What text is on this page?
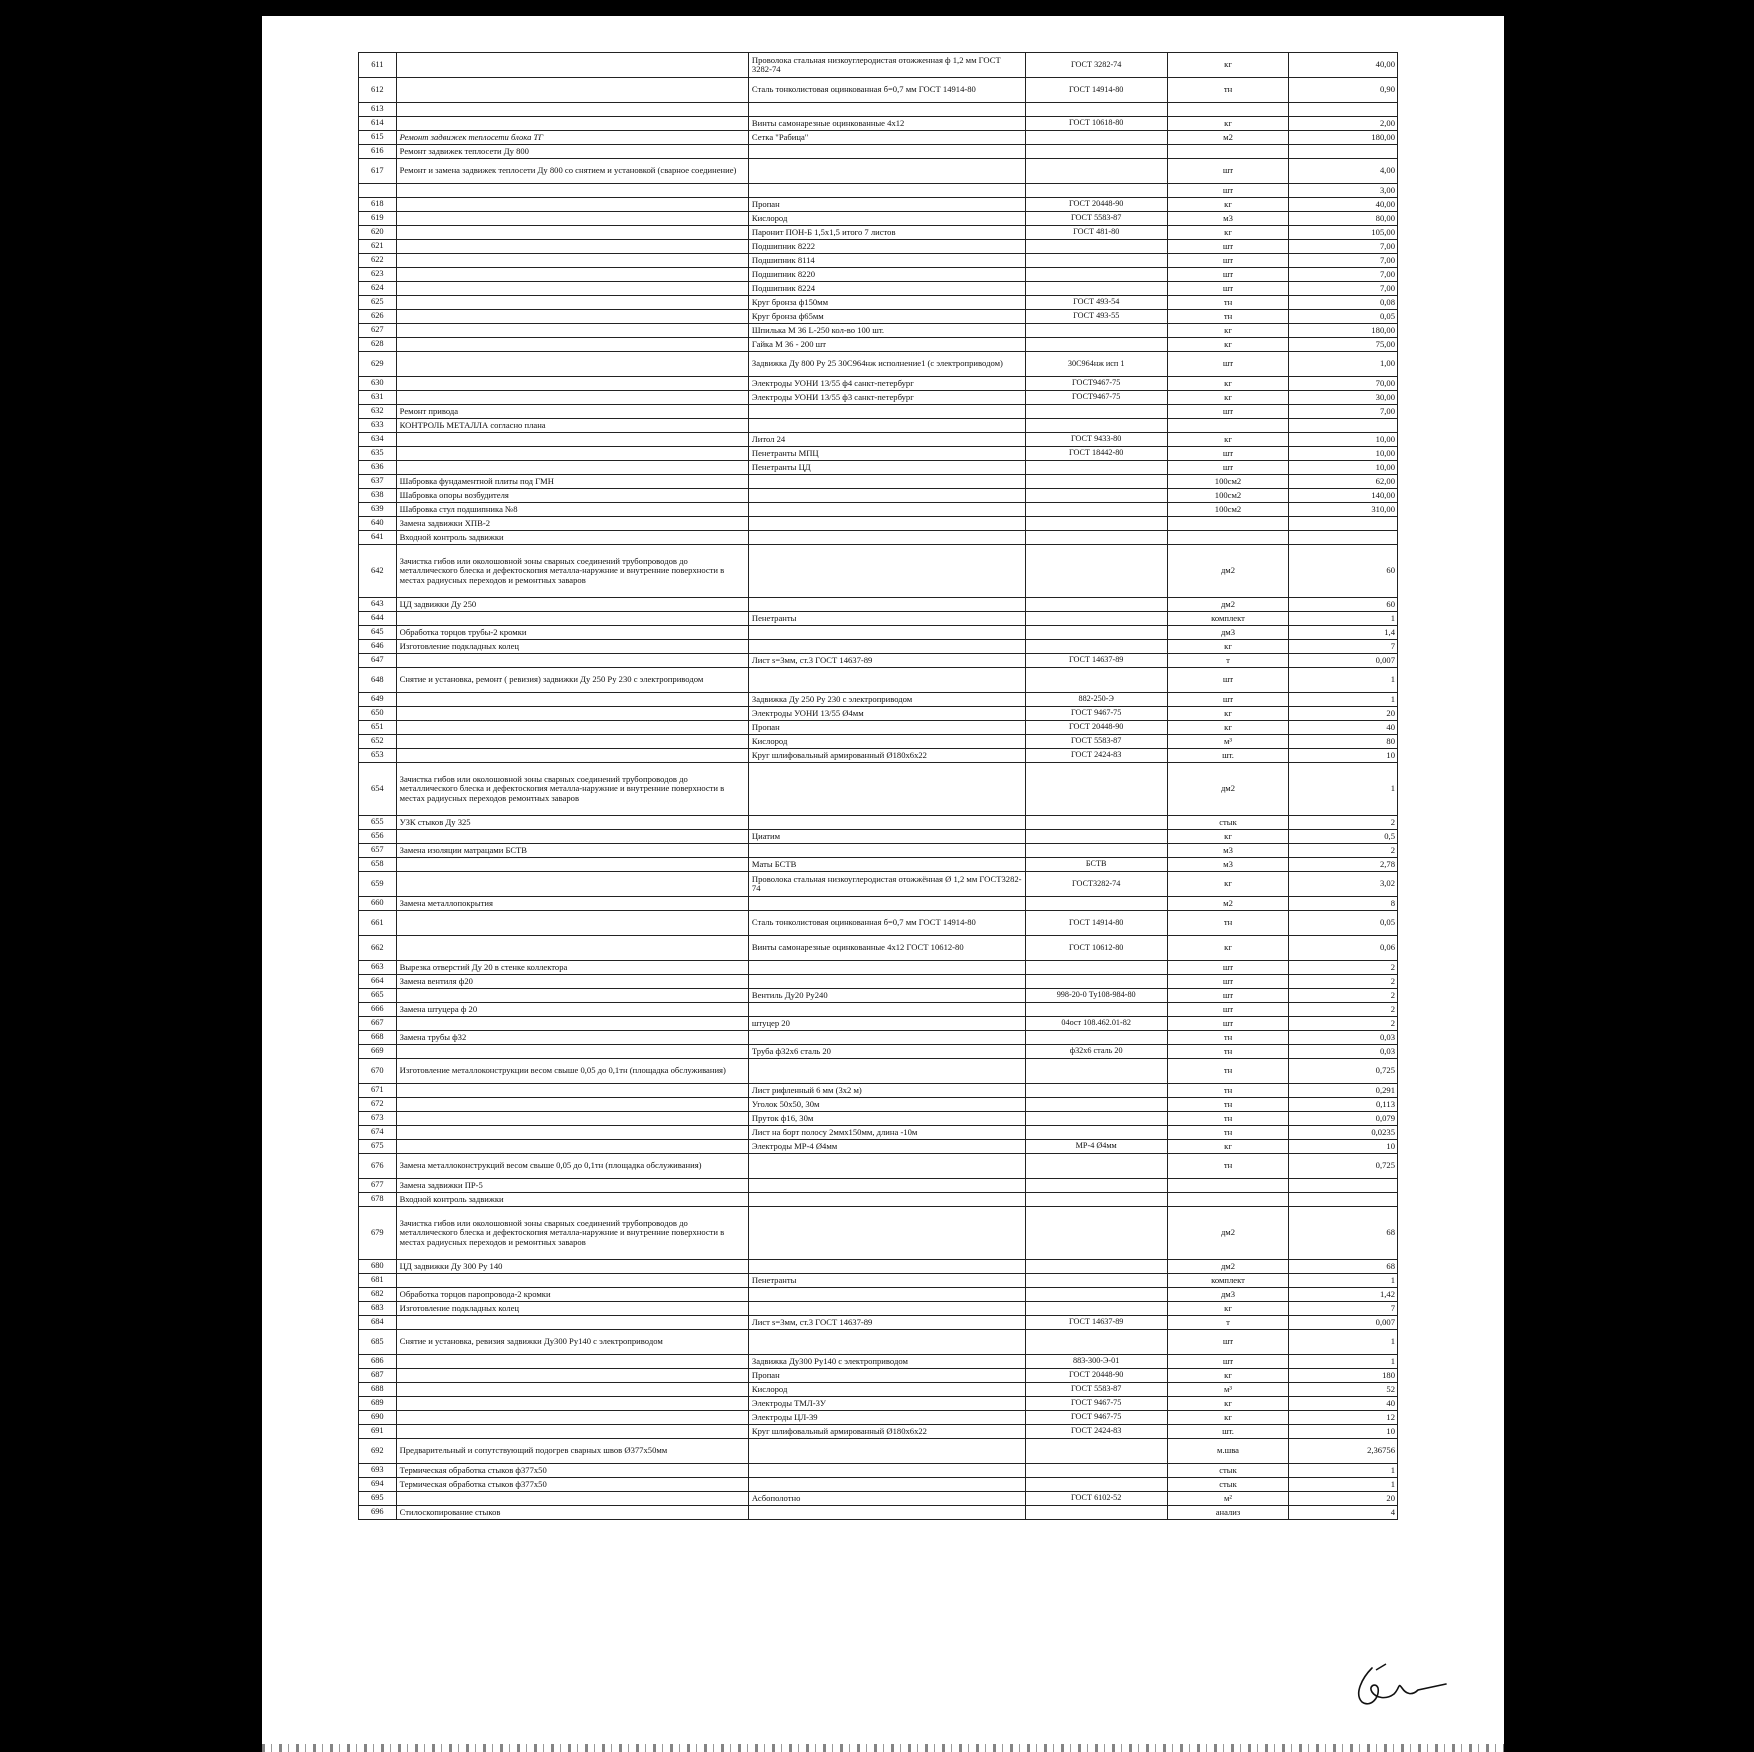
611		Проволока стальная низкоуглеродистая отожженная ф 1,2 мм ГОСТ 3282-74	ГОСТ 3282-74	кг	40,00
612		Сталь тонколистовая оцинкованная б=0,7 мм ГОСТ 14914-80	ГОСТ 14914-80	тн	0,90
613					
614		Винты самонарезные оцинкованные 4х12	ГОСТ 10618-80	кг	2,00
615	Ремонт задвижек теплосети блока ТГ	Сетка "Рабица"		м2	180,00
616	Ремонт задвижек теплосети Ду 800				
617	Ремонт и замена задвижек теплосети Ду 800 со снятием и установкой (сварное соединение)			шт	4,00
				шт	3,00
618		Пропан	ГОСТ 20448-90	кг	40,00
619		Кислород	ГОСТ 5583-87	м3	80,00
620		Паронит ПОН-Б 1,5х1,5 итого 7 листов	ГОСТ 481-80	кг	105,00
621		Подшипник 8222		шт	7,00
622		Подшипник 8114		шт	7,00
623		Подшипник 8220		шт	7,00
624		Подшипник 8224		шт	7,00
625		Круг бронза ф150мм	ГОСТ 493-54	тн	0,08
626		Круг бронза ф65мм	ГОСТ 493-55	тн	0,05
627		Шпилька М 36 L-250 кол-во 100 шт.		кг	180,00
628		Гайка М 36 - 200 шт		кг	75,00
629		Задвижка Ду 800 Ру 25 30С964нж исполнение1 (с электроприводом)	30С964нж исп 1	шт	1,00
630		Электроды УОНИ 13/55 ф4 санкт-петербург	ГОСТ9467-75	кг	70,00
631		Электроды УОНИ 13/55 ф3 санкт-петербург	ГОСТ9467-75	кг	30,00
632	Ремонт привода			шт	7,00
633	КОНТРОЛЬ МЕТАЛЛА согласно плана				
634		Литол 24	ГОСТ 9433-80	кг	10,00
635		Пенетранты МПЦ	ГОСТ 18442-80	шт	10,00
636		Пенетранты ЦД		шт	10,00
637	Шабровка фундаментной плиты под ГМН			100см2	62,00
638	Шабровка опоры возбудителя			100см2	140,00
639	Шабровка стул подшипника №8			100см2	310,00
640	Замена задвижки ХПВ-2				
641	Входной контроль задвижки				
642	Зачистка гибов или околошовной зоны сварных соединений трубопроводов до металлического блеска и дефектоскопия металла-наружние и внутренние поверхности в местах радиусных переходов и ремонтных заваров			дм2	60
643	ЦД задвижки Ду 250			дм2	60
644		Пенетранты		комплект	1
645	Обработка торцов трубы-2 кромки			дм3	1,4
646	Изготовление подкладных колец			кг	7
647		Лист s=3мм, ст.3 ГОСТ 14637-89	ГОСТ 14637-89	т	0,007
648	Снятие и установка, ремонт ( ревизия) задвижки Ду 250 Ру 230 с электроприводом			шт	1
649		Задвижка Ду 250 Ру 230 с электроприводом	882-250-Э	шт	1
650		Электроды УОНИ 13/55 Ø4мм	ГОСТ 9467-75	кг	20
651		Пропан	ГОСТ 20448-90	кг	40
652		Кислород	ГОСТ 5583-87	м³	80
653		Круг шлифовальный армированный Ø180х6х22	ГОСТ 2424-83	шт.	10
654	Зачистка гибов или околошовной зоны сварных соединений трубопроводов до металлического блеска и дефектоскопия металла-наружние и внутренние поверхности в местах радиусных переходов ремонтных заваров			дм2	1
655	УЗК стыков Ду 325			стык	2
656		Циатим		кг	0,5
657	Замена изоляции матрацами БСТВ			м3	2
658		Маты БСТВ	БСТВ	м3	2,78
659		Проволока стальная низкоуглеродистая отожжённая Ø 1,2 мм ГОСТ3282-74	ГОСТ3282-74	кг	3,02
660	Замена металлопокрытия			м2	8
661		Сталь тонколистовая оцинкованная б=0,7 мм ГОСТ 14914-80	ГОСТ 14914-80	тн	0,05
662		Винты самонарезные оцинкованные 4х12 ГОСТ 10612-80	ГОСТ 10612-80	кг	0,06
663	Вырезка отверстий Ду 20 в стенке коллектора			шт	2
664	Замена вентиля ф20			шт	2
665		Вентиль Ду20 Ру240	998-20-0 Ту108-984-80	шт	2
666	Замена штуцера ф 20			шт	2
667		штуцер 20	04ост 108.462.01-82	шт	2
668	Замена трубы ф32			тн	0,03
669		Труба ф32х6 сталь 20	ф32х6 сталь 20	тн	0,03
670	Изготовление металлоконструкции весом свыше 0,05 до 0,1тн (площадка обслуживания)			тн	0,725
671		Лист рифленный 6 мм (3х2 м)		тн	0,291
672		Уголок 50х50, 30м		тн	0,113
673		Пруток ф16, 30м		тн	0,079
674		Лист на борт полосу 2ммх150мм, длина -10м		тн	0,0235
675		Электроды МР-4 Ø4мм	МР-4 Ø4мм	кг	10
676	Замена металлоконструкций весом свыше 0,05 до 0,1тн (площадка обслуживания)			тн	0,725
677	Замена задвижки ПР-5				
678	Входной контроль задвижки				
679	Зачистка гибов или околошовной зоны сварных соединений трубопроводов до металлического блеска и дефектоскопия металла-наружние и внутренние поверхности в местах радиусных переходов и ремонтных заваров			дм2	68
680	ЦД задвижки Ду 300 Ру 140			дм2	68
681		Пенетранты		комплект	1
682	Обработка торцов паропровода-2 кромки			дм3	1,42
683	Изготовление подкладных колец			кг	7
684		Лист s=3мм, ст.3 ГОСТ 14637-89	ГОСТ 14637-89	т	0,007
685	Снятие и установка, ревизия задвижки Ду300 Ру140 с электроприводом			шт	1
686		Задвижка Ду300 Ру140 с электроприводом	883-300-Э-01	шт	1
687		Пропан	ГОСТ 20448-90	кг	180
688		Кислород	ГОСТ 5583-87	м³	52
689		Электроды ТМЛ-3У	ГОСТ 9467-75	кг	40
690		Электроды ЦЛ-39	ГОСТ 9467-75	кг	12
691		Круг шлифовальный армированный Ø180х6х22	ГОСТ 2424-83	шт.	10
692	Предварительный и сопутствующий подогрев сварных швов Ø377х50мм			м.шва	2,36756
693	Термическая обработка стыков ф377х50			стык	1
694	Термическая обработка стыков ф377х50			стык	1
695		Асбополотно	ГОСТ 6102-52	м²	20
696	Стилоскопирование стыков			анализ	4
